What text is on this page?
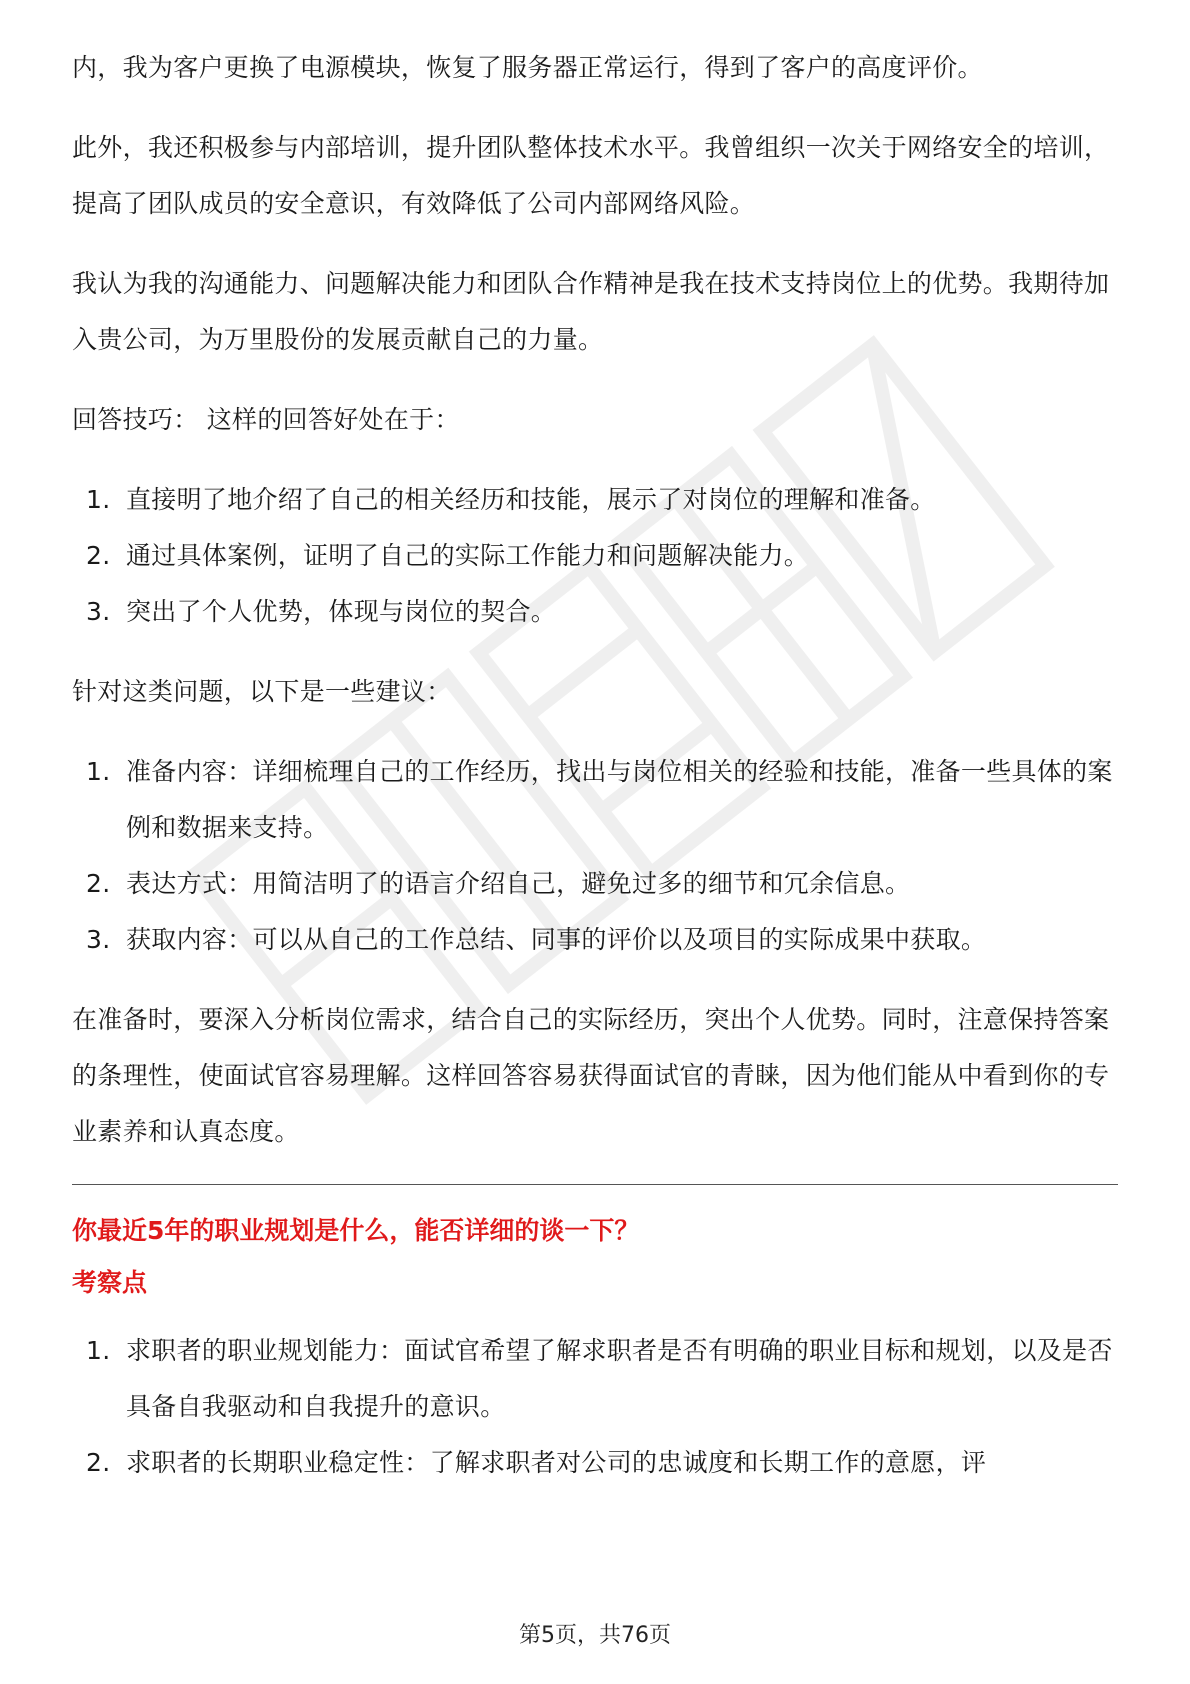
内，我为客户更换了电源模块，恢复了服务器正常运行，得到了客户的高度评价。

此外，我还积极参与内部培训，提升团队整体技术水平。我曾组织一次关于网络安全的培训，提高了团队成员的安全意识，有效降低了公司内部网络风险。

我认为我的沟通能力、问题解决能力和团队合作精神是我在技术支持岗位上的优势。我期待加入贵公司，为万里股份的发展贡献自己的力量。

回答技巧： 这样的回答好处在于：

1. 直接明了地介绍了自己的相关经历和技能，展示了对岗位的理解和准备。
2. 通过具体案例，证明了自己的实际工作能力和问题解决能力。
3. 突出了个人优势，体现与岗位的契合。

针对这类问题，以下是一些建议：

1. 准备内容：详细梳理自己的工作经历，找出与岗位相关的经验和技能，准备一些具体的案例和数据来支持。
2. 表达方式：用简洁明了的语言介绍自己，避免过多的细节和冗余信息。
3. 获取内容：可以从自己的工作总结、同事的评价以及项目的实际成果中获取。

在准备时，要深入分析岗位需求，结合自己的实际经历，突出个人优势。同时，注意保持答案的条理性，使面试官容易理解。这样回答容易获得面试官的青睐，因为他们能从中看到你的专业素养和认真态度。

你最近5年的职业规划是什么，能否详细的谈一下？

考察点

1. 求职者的职业规划能力：面试官希望了解求职者是否有明确的职业目标和规划，以及是否具备自我驱动和自我提升的意识。
2. 求职者的长期职业稳定性：了解求职者对公司的忠诚度和长期工作的意愿，评
第5页，共76页
